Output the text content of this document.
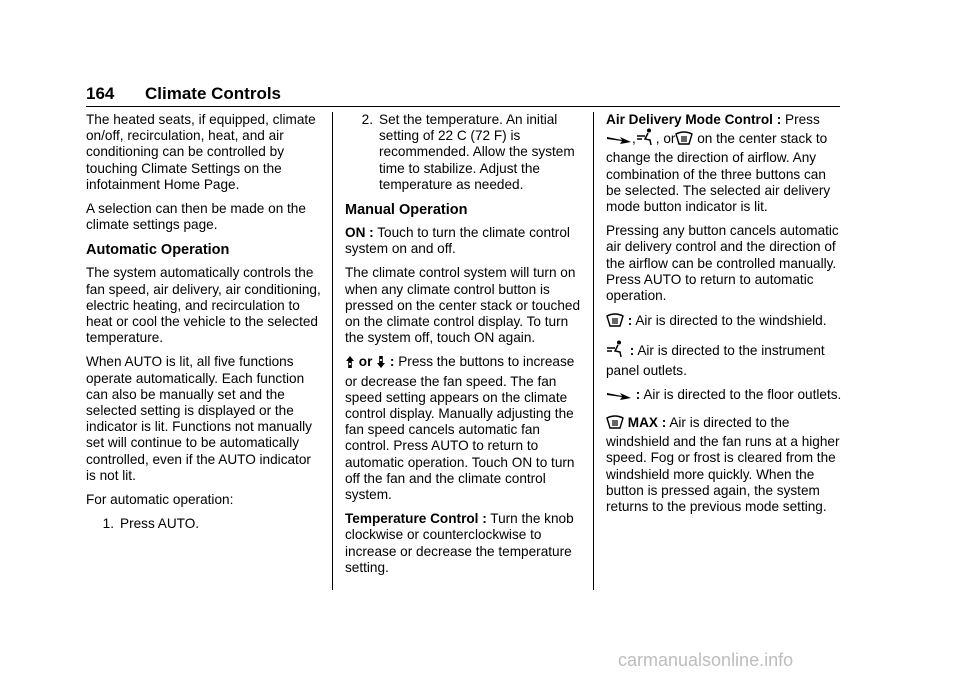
164 Climate Controls

The heated seats, if equipped, climate on/off, recirculation, heat, and air conditioning can be controlled by touching Climate Settings on the infotainment Home Page.

A selection can then be made on the climate settings page.

Automatic Operation

The system automatically controls the fan speed, air delivery, air conditioning, electric heating, and recirculation to heat or cool the vehicle to the selected temperature.

When AUTO is lit, all five functions operate automatically. Each function can also be manually set and the selected setting is displayed or the indicator is lit. Functions not manually set will continue to be automatically controlled, even if the AUTO indicator is not lit.

For automatic operation:

1. Press AUTO.
2. Set the temperature. An initial setting of 22 C (72 F) is recommended. Allow the system time to stabilize. Adjust the temperature as needed.
Manual Operation

ON : Touch to turn the climate control system on and off.

The climate control system will turn on when any climate control button is pressed on the center stack or touched on the climate control display. To turn the system off, touch ON again.

or  : Press the buttons to increase or decrease the fan speed. The fan speed setting appears on the climate control display. Manually adjusting the fan speed cancels automatic fan control. Press AUTO to return to automatic operation. Touch ON to turn off the fan and the climate control system.

Temperature Control : Turn the knob clockwise or counterclockwise to increase or decrease the temperature setting.

Air Delivery Mode Control : Press
, , or on the center stack to change the direction of airflow. Any combination of the three buttons can be selected. The selected air delivery mode button indicator is lit.

Pressing any button cancels automatic air delivery control and the direction of the airflow can be controlled manually. Press AUTO to return to automatic operation.

: Air is directed to the windshield.

: Air is directed to the instrument panel outlets.

: Air is directed to the floor outlets.

MAX : Air is directed to the windshield and the fan runs at a higher speed. Fog or frost is cleared from the windshield more quickly. When the button is pressed again, the system returns to the previous mode setting.

carmanualsonline.info
